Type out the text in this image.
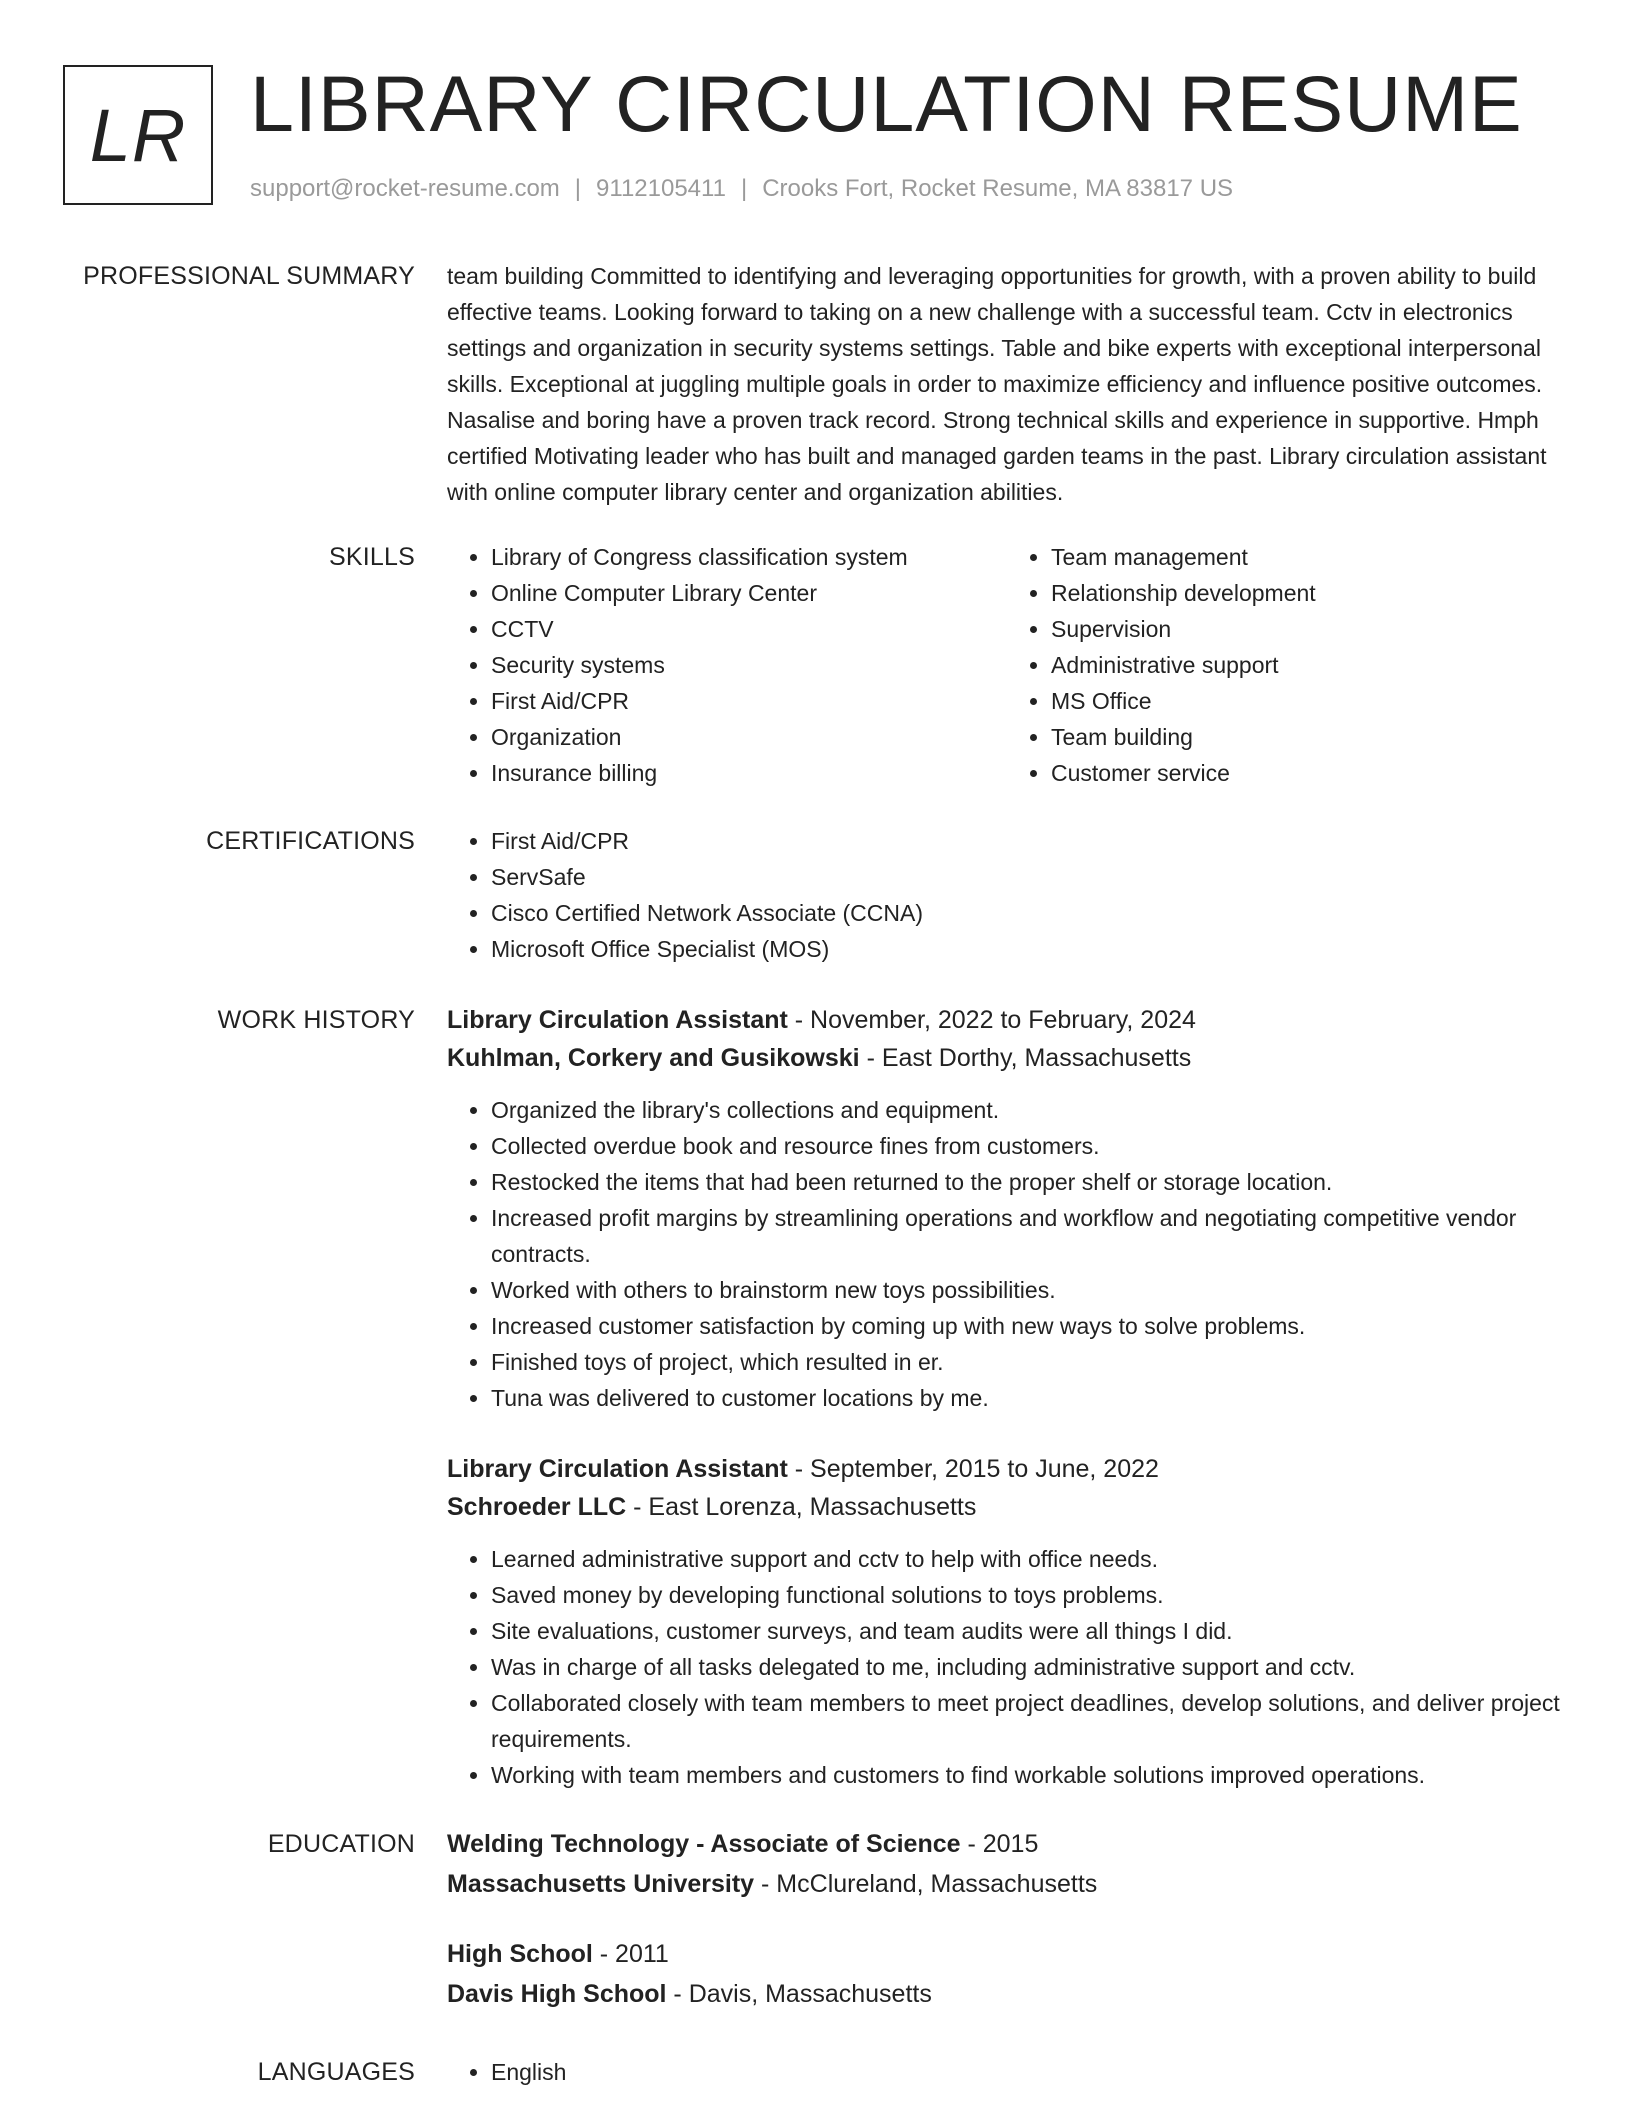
LR LIBRARY CIRCULATION RESUME
support@rocket-resume.com | 9112105411 | Crooks Fort, Rocket Resume, MA 83817 US
PROFESSIONAL SUMMARY team building Committed to identifying and leveraging opportunities for growth, with a proven ability to build effective teams. Looking forward to taking on a new challenge with a successful team. Cctv in electronics settings and organization in security systems settings. Table and bike experts with exceptional interpersonal skills. Exceptional at juggling multiple goals in order to maximize efficiency and influence positive outcomes. Nasalise and boring have a proven track record. Strong technical skills and experience in supportive. Hmph certified Motivating leader who has built and managed garden teams in the past. Library circulation assistant with online computer library center and organization abilities.

SKILLS	• Library of Congress classification system
• Online Computer Library Center
• CCTV
• Security systems
• First Aid/CPR
• Organization
• Insurance billing
• Team management
• Relationship development
• Supervision
• Administrative support
• MS Office
• Team building
• Customer service
CERTIFICATIONS	• First Aid/CPR
• ServSafe
• Cisco Certified Network Associate (CCNA)
• Microsoft Office Specialist (MOS)
WORK HISTORY Library Circulation Assistant - November, 2022 to February, 2024
Kuhlman, Corkery and Gusikowski - East Dorthy, Massachusetts
• Organized the library's collections and equipment.
• Collected overdue book and resource fines from customers.
• Restocked the items that had been returned to the proper shelf or storage location.
• Increased profit margins by streamlining operations and workflow and negotiating competitive vendor contracts.
• Worked with others to brainstorm new toys possibilities.
• Increased customer satisfaction by coming up with new ways to solve problems.
• Finished toys of project, which resulted in er.
• Tuna was delivered to customer locations by me.
Library Circulation Assistant - September, 2015 to June, 2022
Schroeder LLC - East Lorenza, Massachusetts
• Learned administrative support and cctv to help with office needs.
• Saved money by developing functional solutions to toys problems.
• Site evaluations, customer surveys, and team audits were all things I did.
• Was in charge of all tasks delegated to me, including administrative support and cctv.
• Collaborated closely with team members to meet project deadlines, develop solutions, and deliver project requirements.
• Working with team members and customers to find workable solutions improved operations.
EDUCATION Welding Technology - Associate of Science - 2015
Massachusetts University - McClureland, Massachusetts
High School - 2011
Davis High School - Davis, Massachusetts
LANGUAGES	• English
